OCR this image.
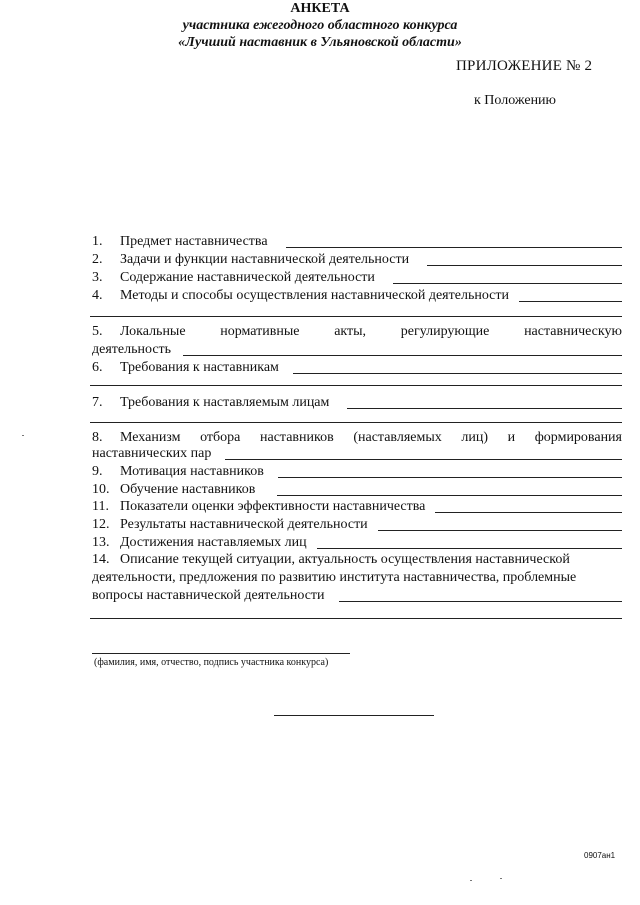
ПРИЛОЖЕНИЕ № 2
к Положению
АНКЕТА
участника ежегодного областного конкурса
«Лучший наставник в Ульяновской области»
1.	Предмет наставничества
2.	Задачи и функции наставнической деятельности
3.	Содержание наставнической деятельности
4.	Методы и способы осуществления наставнической деятельности
5. Локальные нормативные акты, регулирующие наставническую
деятельность
6.	Требования к наставникам
7.	Требования к наставляемым лицам
8. Механизм отбора наставников (наставляемых лиц) и формирования
наставнических пар
9.	Мотивация наставников
10. Обучение наставников
11. Показатели оценки эффективности наставничества
12. Результаты наставнической деятельности
13. Достижения наставляемых лиц
14. Описание текущей ситуации, актуальность осуществления наставнической
деятельности, предложения по развитию института наставничества, проблемные
вопросы наставнической деятельности
(фамилия, имя, отчество, подпись участника конкурса)
0907ан1
